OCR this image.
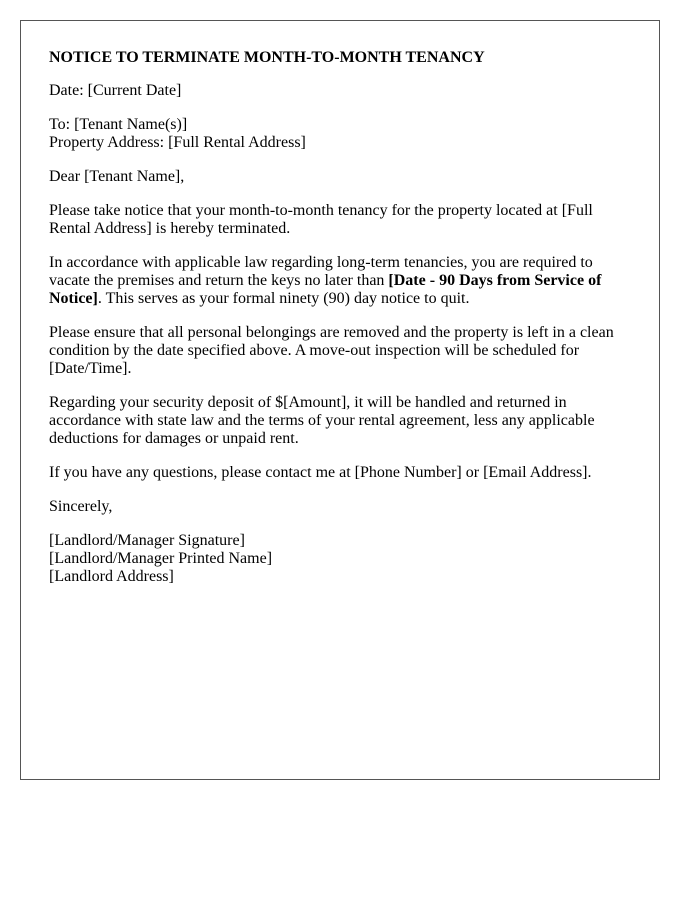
NOTICE TO TERMINATE MONTH-TO-MONTH TENANCY

Date: [Current Date]

To: [Tenant Name(s)]
Property Address: [Full Rental Address]

Dear [Tenant Name],

Please take notice that your month-to-month tenancy for the property located at [Full Rental Address] is hereby terminated.

In accordance with applicable law regarding long-term tenancies, you are required to vacate the premises and return the keys no later than [Date - 90 Days from Service of Notice]. This serves as your formal ninety (90) day notice to quit.

Please ensure that all personal belongings are removed and the property is left in a clean condition by the date specified above. A move-out inspection will be scheduled for [Date/Time].

Regarding your security deposit of $[Amount], it will be handled and returned in accordance with state law and the terms of your rental agreement, less any applicable deductions for damages or unpaid rent.

If you have any questions, please contact me at [Phone Number] or [Email Address].

Sincerely,

[Landlord/Manager Signature]
[Landlord/Manager Printed Name]
[Landlord Address]
